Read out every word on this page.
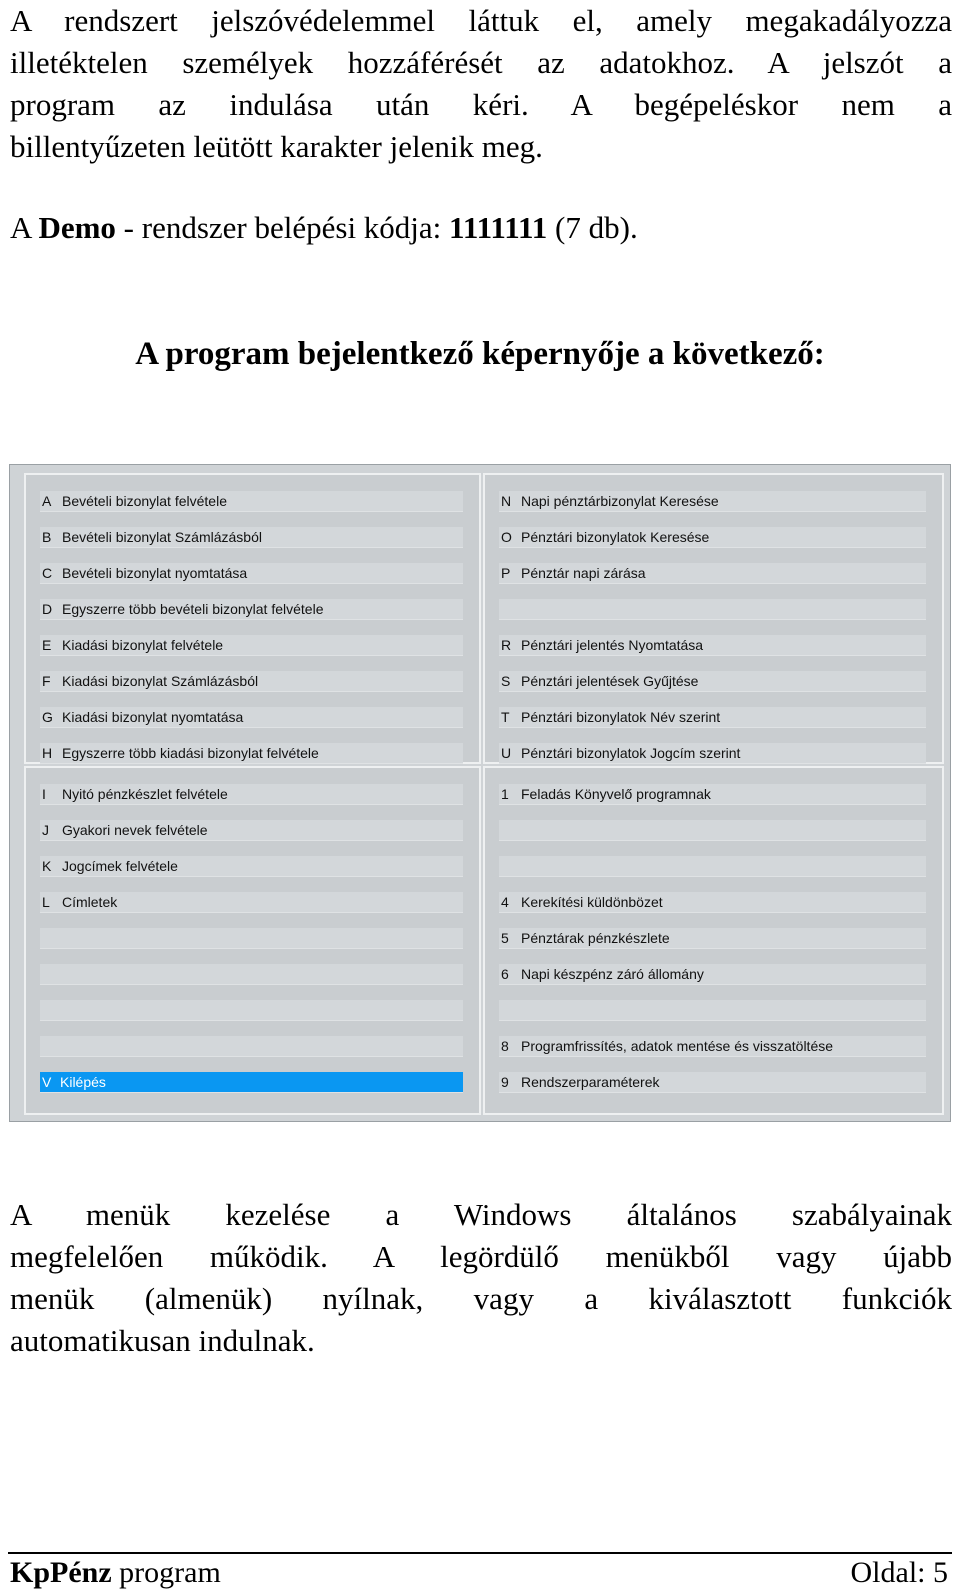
A rendszert jelszóvédelemmel láttuk el, amely megakadályozza
illetéktelen személyek hozzáférését az adatokhoz. A jelszót a
program az indulása után kéri. A begépeléskor nem a
billentyűzeten leütött karakter jelenik meg.

A Demo - rendszer belépési kódja: 1111111 (7 db).

A program bejelentkező képernyője a következő:
A Bevételi bizonylat felvétele
B Bevételi bizonylat Számlázásból
C Bevételi bizonylat nyomtatása
D Egyszerre több bevételi bizonylat felvétele
E Kiadási bizonylat felvétele
F Kiadási bizonylat Számlázásból
G Kiadási bizonylat nyomtatása
H Egyszerre több kiadási bizonylat felvétele
N Napi pénztárbizonylat Keresése
O Pénztári bizonylatok Keresése
P Pénztár napi zárása
R Pénztári jelentés Nyomtatása
S Pénztári jelentések Gyűjtése
T Pénztári bizonylatok Név szerint
U Pénztári bizonylatok Jogcím szerint
I Nyitó pénzkészlet felvétele
J Gyakori nevek felvétele
K Jogcímek felvétele
L Címletek
V Kilépés
1 Feladás Könyvelő programnak
4 Kerekítési küldönbözet
5 Pénztárak pénzkészlete
6 Napi készpénz záró állomány
8 Programfrissítés, adatok mentése és visszatöltése
9 Rendszerparaméterek
A menük kezelése a Windows általános szabályainak
megfelelően működik. A legördülő menükből vagy újabb
menük (almenük) nyílnak, vagy a kiválasztott funkciók
automatikusan indulnak.

KpPénz program	Oldal: 5
